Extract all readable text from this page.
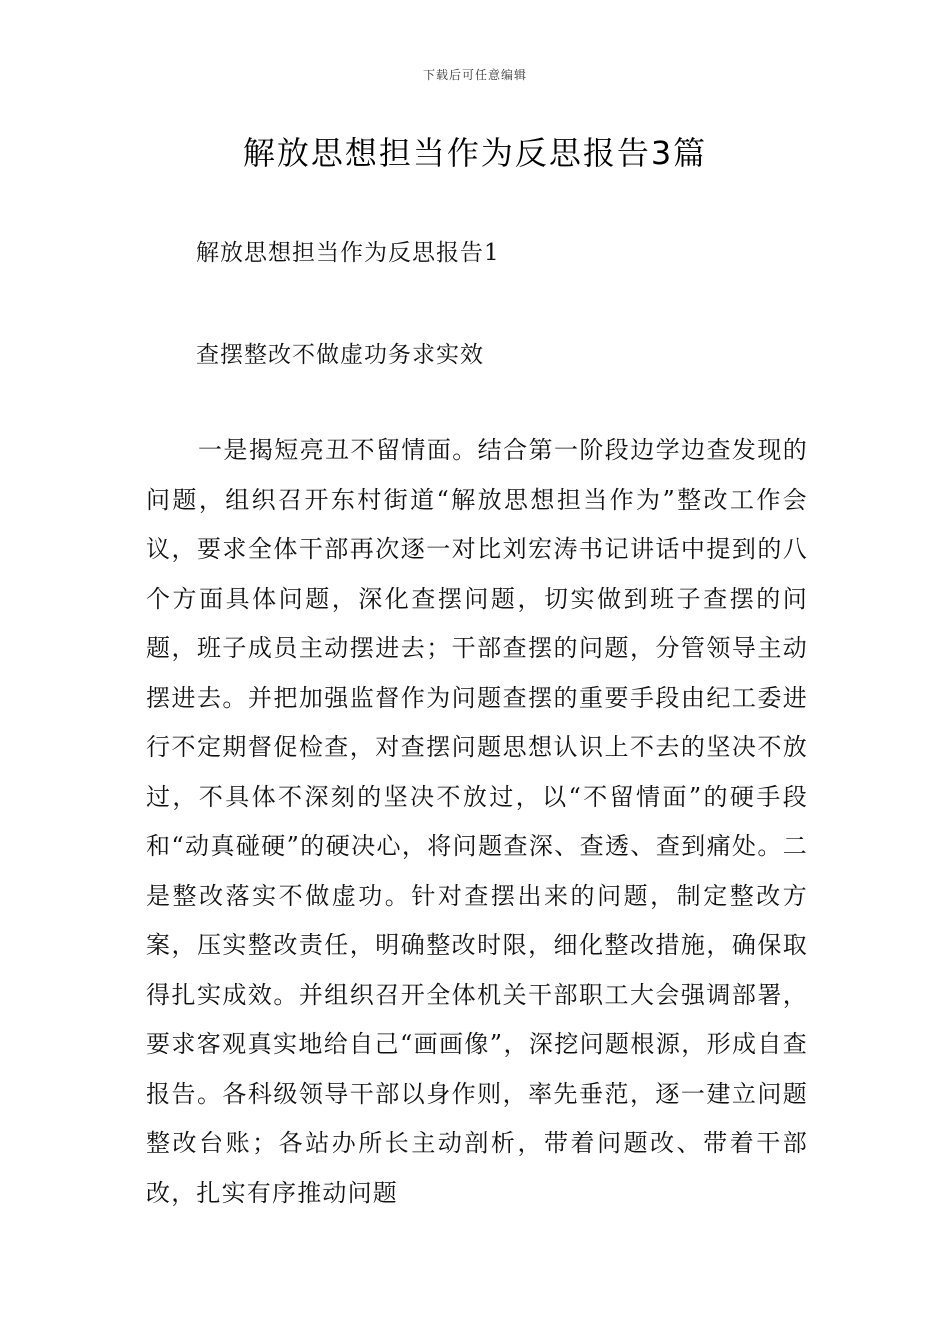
下载后可任意编辑
解放思想担当作为反思报告3篇
解放思想担当作为反思报告1
查摆整改不做虚功务求实效

一是揭短亮丑不留情面。结合第一阶段边学边查发现的问题，组织召开东村街道“解放思想担当作为”整改工作会议，要求全体干部再次逐一对比刘宏涛书记讲话中提到的八个方面具体问题，深化查摆问题，切实做到班子查摆的问题，班子成员主动摆进去；干部查摆的问题，分管领导主动摆进去。并把加强监督作为问题查摆的重要手段由纪工委进行不定期督促检查，对查摆问题思想认识上不去的坚决不放过，不具体不深刻的坚决不放过，以“不留情面”的硬手段和“动真碰硬”的硬决心，将问题查深、查透、查到痛处。二是整改落实不做虚功。针对查摆出来的问题，制定整改方案，压实整改责任，明确整改时限，细化整改措施，确保取得扎实成效。并组织召开全体机关干部职工大会强调部署，要求客观真实地给自己“画画像”，深挖问题根源，形成自查报告。各科级领导干部以身作则，率先垂范，逐一建立问题整改台账；各站办所长主动剖析，带着问题改、带着干部改，扎实有序推动问题
